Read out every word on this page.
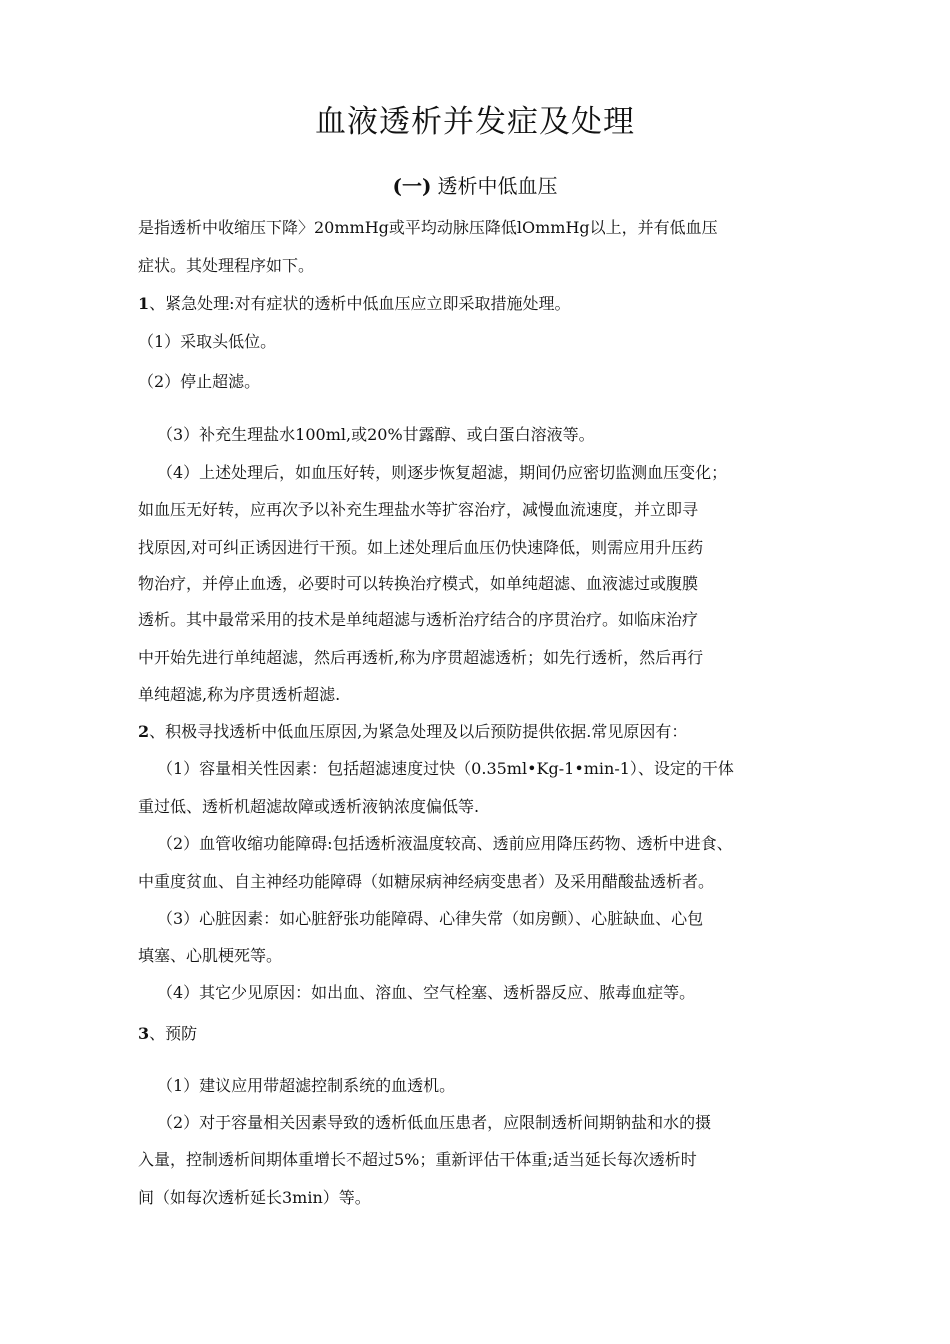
血液透析并发症及处理
(一) 透析中低血压
是指透析中收缩压下降〉20mmHg或平均动脉压降低lOmmHg以上，并有低血压
症状。其处理程序如下。
1、紧急处理:对有症状的透析中低血压应立即采取措施处理。
（1）采取头低位。
（2）停止超滤。
（3）补充生理盐水100ml,或20%甘露醇、或白蛋白溶液等。
（4）上述处理后，如血压好转，则逐步恢复超滤，期间仍应密切监测血压变化；
如血压无好转，应再次予以补充生理盐水等扩容治疗，减慢血流速度，并立即寻
找原因,对可纠正诱因进行干预。如上述处理后血压仍快速降低，则需应用升压药
物治疗，并停止血透，必要时可以转换治疗模式，如单纯超滤、血液滤过或腹膜
透析。其中最常采用的技术是单纯超滤与透析治疗结合的序贯治疗。如临床治疗
中开始先进行单纯超滤，然后再透析,称为序贯超滤透析；如先行透析，然后再行
单纯超滤,称为序贯透析超滤.
2、积极寻找透析中低血压原因,为紧急处理及以后预防提供依据.常见原因有：
（1）容量相关性因素：包括超滤速度过快（0.35ml•Kg-1•min-1）、设定的干体
重过低、透析机超滤故障或透析液钠浓度偏低等.
（2）血管收缩功能障碍:包括透析液温度较高、透前应用降压药物、透析中进食、
中重度贫血、自主神经功能障碍（如糖尿病神经病变患者）及采用醋酸盐透析者。
（3）心脏因素：如心脏舒张功能障碍、心律失常（如房颤）、心脏缺血、心包
填塞、心肌梗死等。
（4）其它少见原因：如出血、溶血、空气栓塞、透析器反应、脓毒血症等。
3、预防
（1）建议应用带超滤控制系统的血透机。
（2）对于容量相关因素导致的透析低血压患者，应限制透析间期钠盐和水的摄
入量，控制透析间期体重增长不超过5%；重新评估干体重;适当延长每次透析时
间（如每次透析延长3min）等。
